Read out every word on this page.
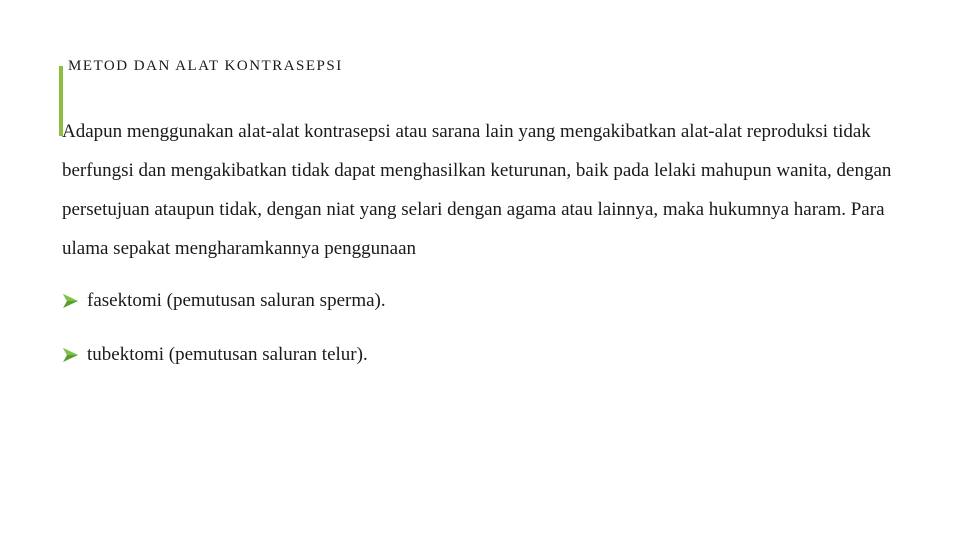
METOD DAN ALAT KONTRASEPSI

Adapun menggunakan alat-alat kontrasepsi atau sarana lain yang mengakibatkan alat-alat reproduksi tidak berfungsi dan mengakibatkan tidak dapat menghasilkan keturunan, baik pada lelaki mahupun wanita, dengan persetujuan ataupun tidak, dengan niat yang selari dengan agama atau lainnya, maka hukumnya haram. Para ulama sepakat mengharamkannya penggunaan

fasektomi (pemutusan saluran sperma).
tubektomi (pemutusan saluran telur).
